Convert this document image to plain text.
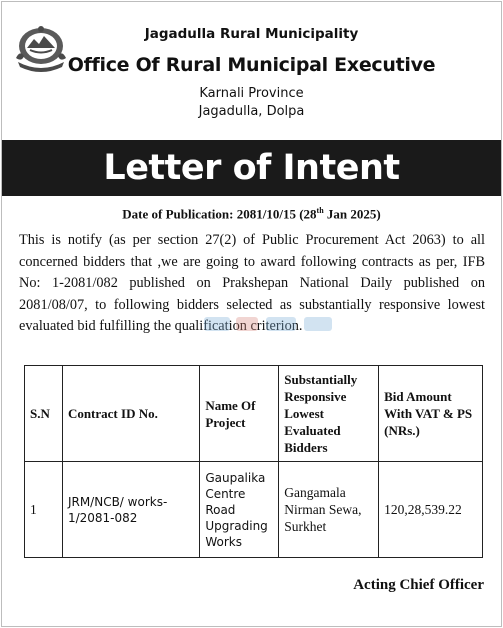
Jagadulla Rural Municipality
Office Of Rural Municipal Executive
Karnali Province
Jagadulla, Dolpa
Letter of Intent
Date of Publication: 2081/10/15 (28th Jan 2025)
This is notify (as per section 27(2) of Public Procurement Act 2063) to all concerned bidders that ,we are going to award following contracts as per, IFB No: 1-2081/082 published on Prakshepan National Daily published on 2081/08/07, to following bidders selected as substantially responsive lowest evaluated bid fulfilling the qualification criterion.
S.N	Contract ID No.	Name Of Project	Substantially Responsive Lowest Evaluated Bidders	Bid Amount With VAT & PS (NRs.)
1	JRM/NCB/ works-1/2081-082	Gaupalika Centre Road Upgrading Works	Gangamala Nirman Sewa, Surkhet	120,28,539.22
Acting Chief Officer
